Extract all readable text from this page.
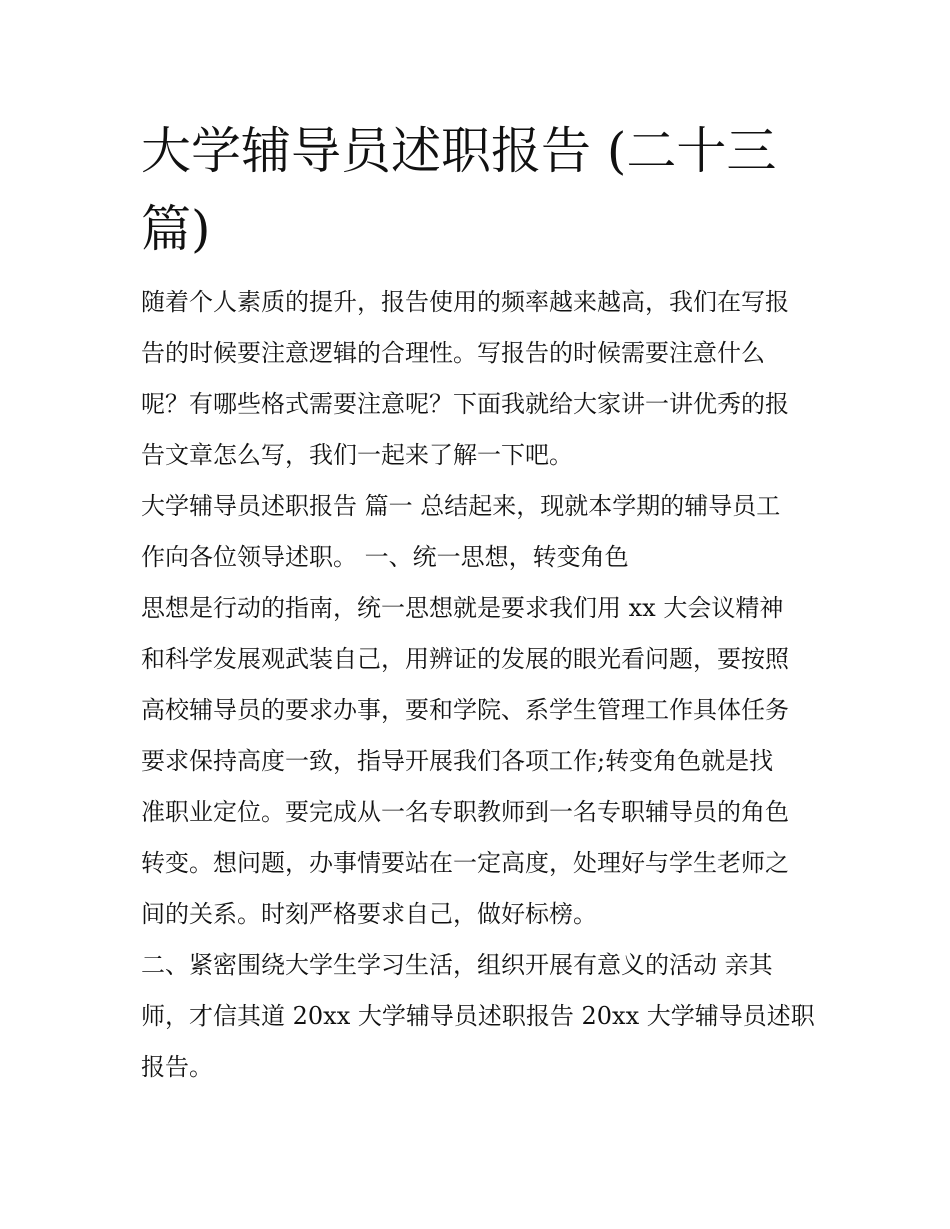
大学辅导员述职报告 (二十三
篇)
随着个人素质的提升，报告使用的频率越来越高，我们在写报
告的时候要注意逻辑的合理性。写报告的时候需要注意什么
呢？有哪些格式需要注意呢？下面我就给大家讲一讲优秀的报
告文章怎么写，我们一起来了解一下吧。
大学辅导员述职报告 篇一 总结起来，现就本学期的辅导员工
作向各位领导述职。 一、统一思想，转变角色
思想是行动的指南，统一思想就是要求我们用 xx 大会议精神
和科学发展观武装自己，用辨证的发展的眼光看问题，要按照
高校辅导员的要求办事，要和学院、系学生管理工作具体任务
要求保持高度一致，指导开展我们各项工作;转变角色就是找
准职业定位。要完成从一名专职教师到一名专职辅导员的角色
转变。想问题，办事情要站在一定高度，处理好与学生老师之
间的关系。时刻严格要求自己，做好标榜。
二、紧密围绕大学生学习生活，组织开展有意义的活动 亲其
师，才信其道 20xx 大学辅导员述职报告 20xx 大学辅导员述职
报告。
